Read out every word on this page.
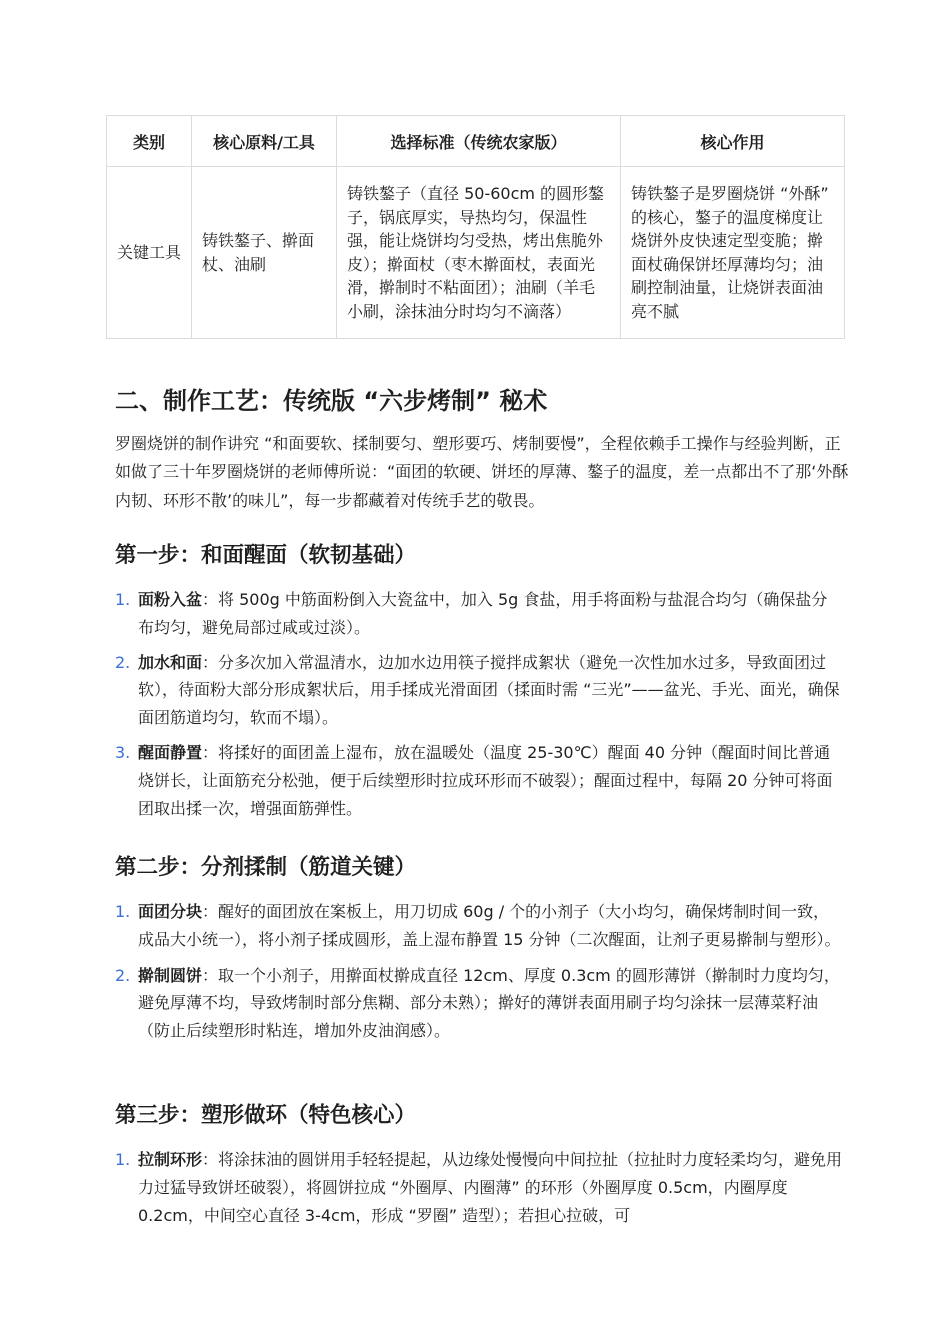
类别	核心原料/工具	选择标准（传统农家版）	核心作用
关键工具	铸铁鏊子、擀面杖、油刷	铸铁鏊子（直径 50-60cm 的圆形鏊子，锅底厚实，导热均匀，保温性强，能让烧饼均匀受热，烤出焦脆外皮）；擀面杖（枣木擀面杖，表面光滑，擀制时不粘面团）；油刷（羊毛小刷，涂抹油分时均匀不滴落）	铸铁鏊子是罗圈烧饼 “外酥” 的核心，鏊子的温度梯度让烧饼外皮快速定型变脆；擀面杖确保饼坯厚薄均匀；油刷控制油量，让烧饼表面油亮不腻
二、制作工艺：传统版 “六步烤制” 秘术

罗圈烧饼的制作讲究 “和面要软、揉制要匀、塑形要巧、烤制要慢”，全程依赖手工操作与经验判断，正如做了三十年罗圈烧饼的老师傅所说：“面团的软硬、饼坯的厚薄、鏊子的温度，差一点都出不了那‘外酥内韧、环形不散’的味儿”，每一步都藏着对传统手艺的敬畏。

第一步：和面醒面（软韧基础）
1. 面粉入盆：将 500g 中筋面粉倒入大瓷盆中，加入 5g 食盐，用手将面粉与盐混合均匀（确保盐分布均匀，避免局部过咸或过淡）。
2. 加水和面：分多次加入常温清水，边加水边用筷子搅拌成絮状（避免一次性加水过多，导致面团过软），待面粉大部分形成絮状后，用手揉成光滑面团（揉面时需 “三光”——盆光、手光、面光，确保面团筋道均匀，软而不塌）。
3. 醒面静置：将揉好的面团盖上湿布，放在温暖处（温度 25-30℃）醒面 40 分钟（醒面时间比普通烧饼长，让面筋充分松弛，便于后续塑形时拉成环形而不破裂）；醒面过程中，每隔 20 分钟可将面团取出揉一次，增强面筋弹性。
第二步：分剂揉制（筋道关键）
1. 面团分块：醒好的面团放在案板上，用刀切成 60g / 个的小剂子（大小均匀，确保烤制时间一致，成品大小统一），将小剂子揉成圆形，盖上湿布静置 15 分钟（二次醒面，让剂子更易擀制与塑形）。
2. 擀制圆饼：取一个小剂子，用擀面杖擀成直径 12cm、厚度 0.3cm 的圆形薄饼（擀制时力度均匀，避免厚薄不均，导致烤制时部分焦糊、部分未熟）；擀好的薄饼表面用刷子均匀涂抹一层薄菜籽油（防止后续塑形时粘连，增加外皮油润感）。
第三步：塑形做环（特色核心）
1. 拉制环形：将涂抹油的圆饼用手轻轻提起，从边缘处慢慢向中间拉扯（拉扯时力度轻柔均匀，避免用力过猛导致饼坯破裂），将圆饼拉成 “外圈厚、内圈薄” 的环形（外圈厚度 0.5cm，内圈厚度 0.2cm，中间空心直径 3-4cm，形成 “罗圈” 造型）；若担心拉破，可
